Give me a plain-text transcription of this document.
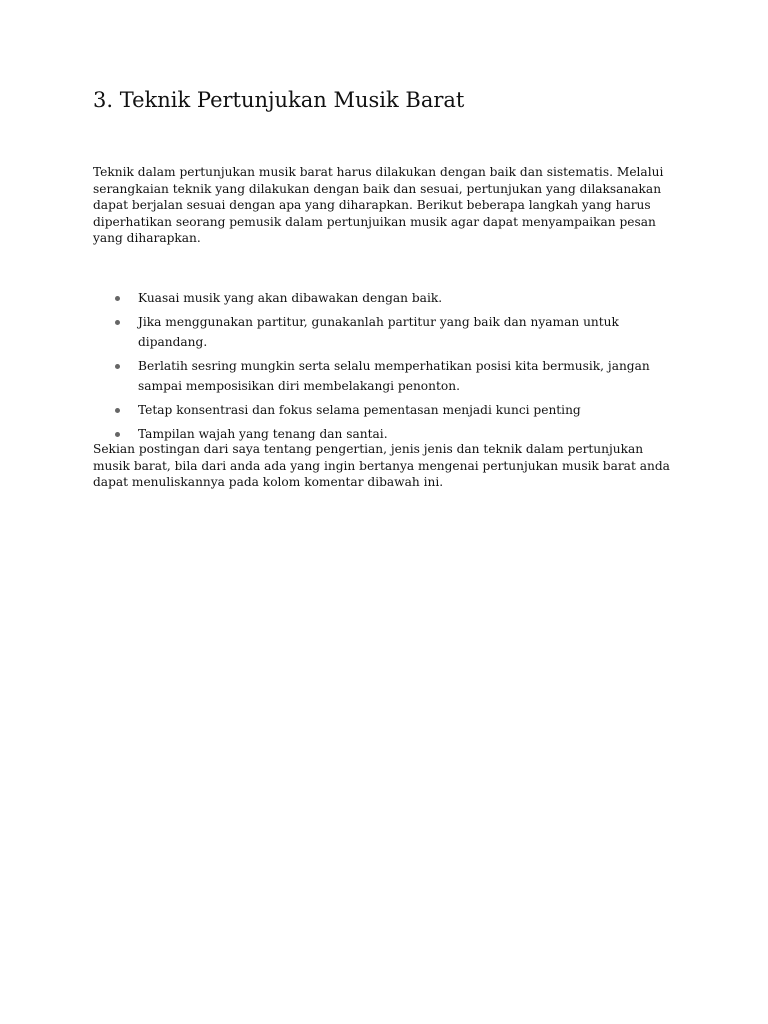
3. Teknik Pertunjukan Musik Barat

Teknik dalam pertunjukan musik barat harus dilakukan dengan baik dan sistematis. Melalui
serangkaian teknik yang dilakukan dengan baik dan sesuai, pertunjukan yang dilaksanakan
dapat berjalan sesuai dengan apa yang diharapkan. Berikut beberapa langkah yang harus
diperhatikan seorang pemusik dalam pertunjuikan musik agar dapat menyampaikan pesan
yang diharapkan.

Kuasai musik yang akan dibawakan dengan baik.
Jika menggunakan partitur, gunakanlah partitur yang baik dan nyaman untuk
dipandang.
Berlatih sesring mungkin serta selalu memperhatikan posisi kita bermusik, jangan
sampai memposisikan diri membelakangi penonton.
Tetap konsentrasi dan fokus selama pementasan menjadi kunci penting
Tampilan wajah yang tenang dan santai.

Sekian postingan dari saya tentang pengertian, jenis jenis dan teknik dalam pertunjukan
musik barat, bila dari anda ada yang ingin bertanya mengenai pertunjukan musik barat anda
dapat menuliskannya pada kolom komentar dibawah ini.
